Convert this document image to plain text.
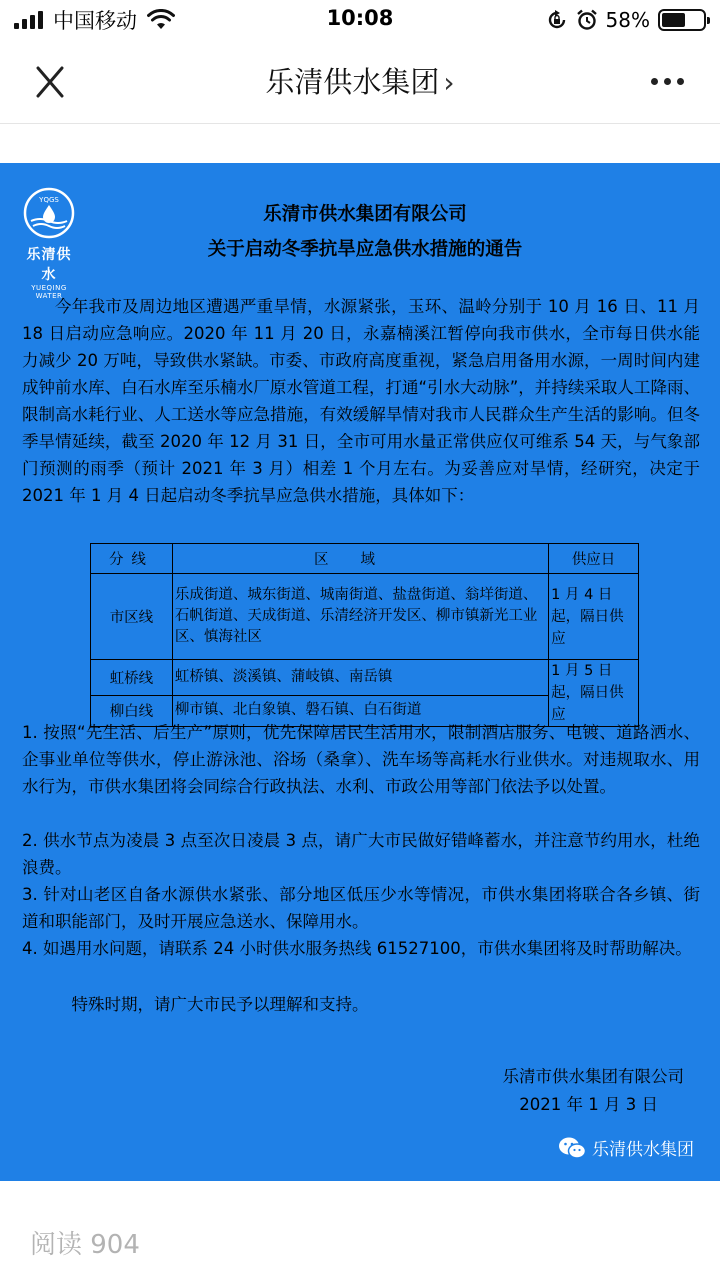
中国移动	10:08	58%
乐清供水集团 ›
YQGS
乐清供水
YUEQING WATER
乐清市供水集团有限公司
关于启动冬季抗旱应急供水措施的通告
今年我市及周边地区遭遇严重旱情，水源紧张，玉环、温岭分别于 10 月 16 日、11 月 18 日启动应急响应。2020 年 11 月 20 日，永嘉楠溪江暂停向我市供水，全市每日供水能力减少 20 万吨，导致供水紧缺。市委、市政府高度重视，紧急启用备用水源，一周时间内建成钟前水库、白石水库至乐楠水厂原水管道工程，打通“引水大动脉”，并持续采取人工降雨、限制高水耗行业、人工送水等应急措施，有效缓解旱情对我市人民群众生产生活的影响。但冬季旱情延续，截至 2020 年 12 月 31 日，全市可用水量正常供应仅可维系 54 天，与气象部门预测的雨季（预计 2021 年 3 月）相差 1 个月左右。为妥善应对旱情，经研究，决定于 2021 年 1 月 4 日起启动冬季抗旱应急供水措施，具体如下：
分线	区域	供应日
市区线	乐成街道、城东街道、城南街道、盐盘街道、翁垟街道、石帆街道、天成街道、乐清经济开发区、柳市镇新光工业区、慎海社区	1 月 4 日起，隔日供应
虹桥线	虹桥镇、淡溪镇、蒲岐镇、南岳镇	1 月 5 日起，隔日供应
柳白线	柳市镇、北白象镇、磐石镇、白石街道	
1. 按照“先生活、后生产”原则，优先保障居民生活用水，限制酒店服务、电镀、道路洒水、企事业单位等供水，停止游泳池、浴场（桑拿）、洗车场等高耗水行业供水。对违规取水、用水行为，市供水集团将会同综合行政执法、水利、市政公用等部门依法予以处置。
2. 供水节点为凌晨 3 点至次日凌晨 3 点，请广大市民做好错峰蓄水，并注意节约用水，杜绝浪费。
3. 针对山老区自备水源供水紧张、部分地区低压少水等情况，市供水集团将联合各乡镇、街道和职能部门，及时开展应急送水、保障用水。
4. 如遇用水问题，请联系 24 小时供水服务热线 61527100，市供水集团将及时帮助解决。
特殊时期，请广大市民予以理解和支持。
乐清市供水集团有限公司
2021 年 1 月 3 日
乐清供水集团
阅读 904
